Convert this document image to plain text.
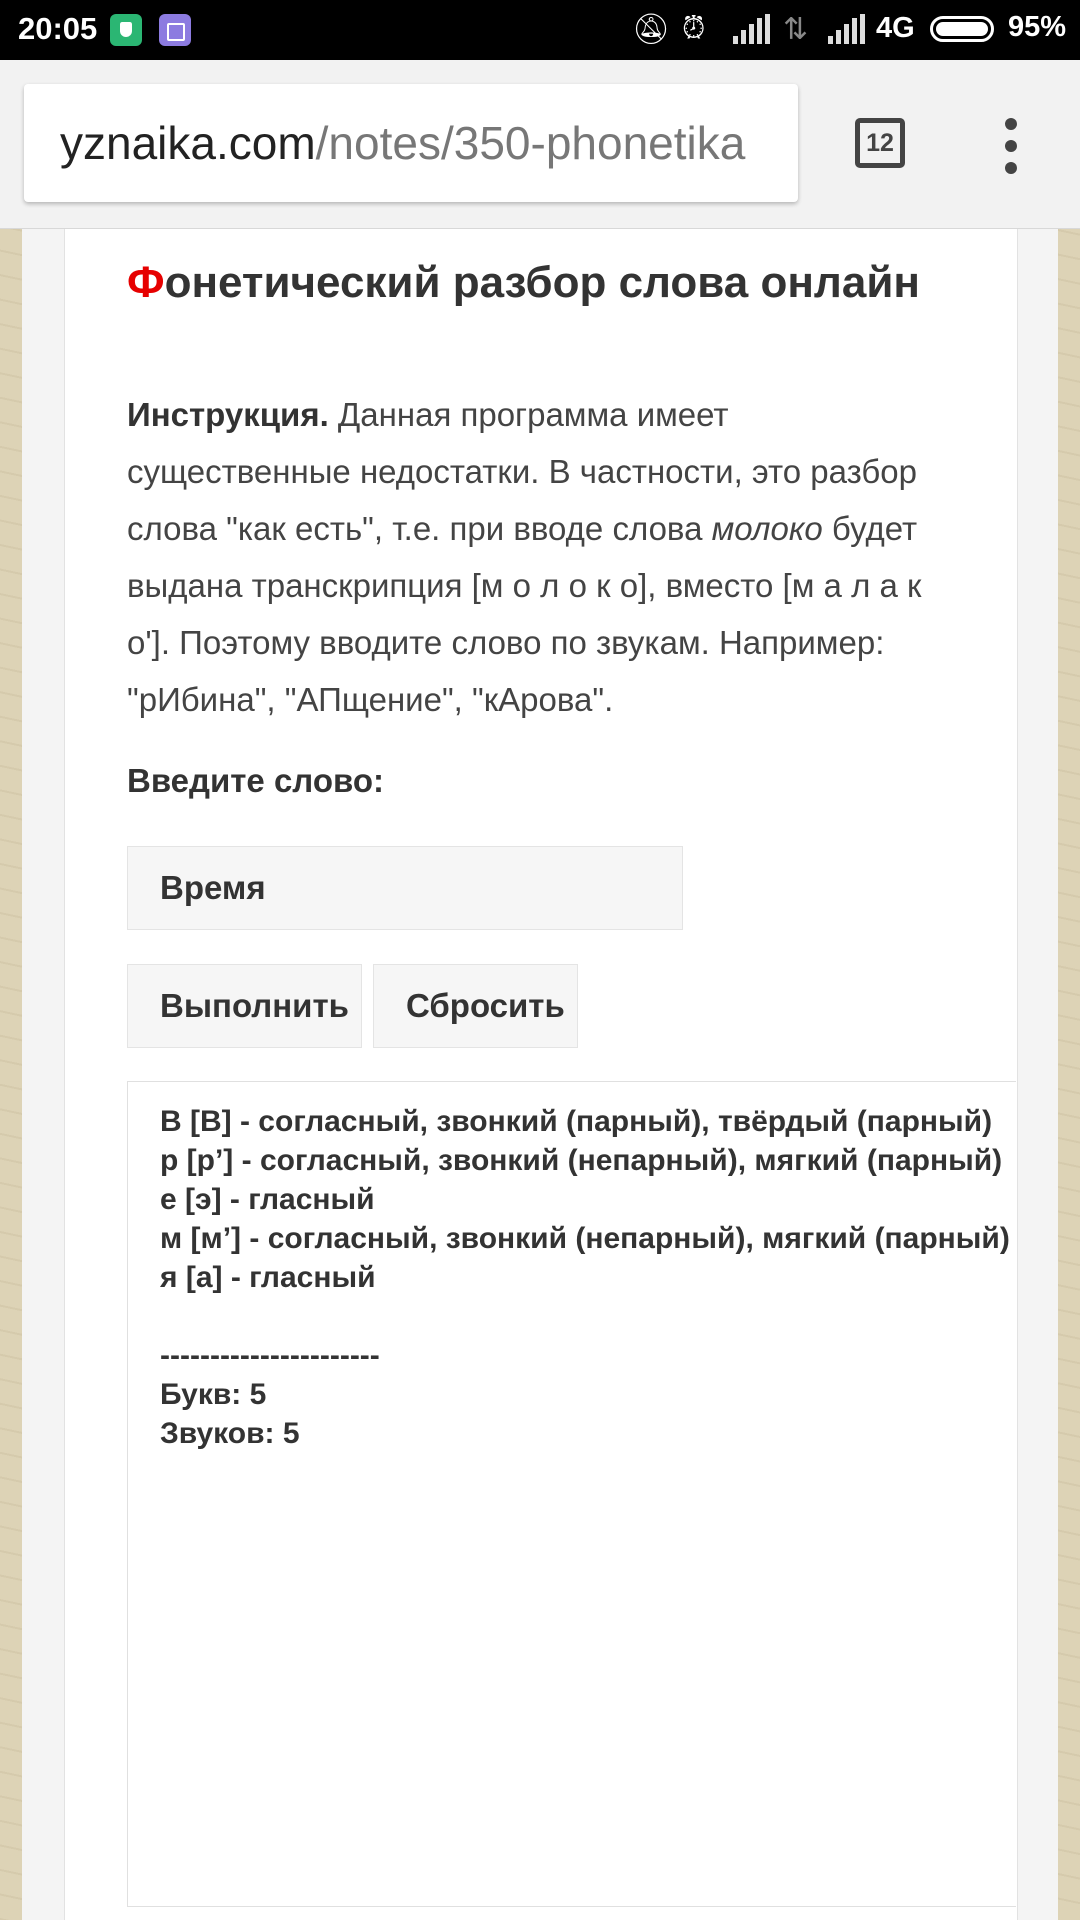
20:05	🔕︎ ⏰︎	⇅ 4G	95%
yznaika.com/notes/350-phonetika	12
Фонетический разбор слова онлайн

Инструкция. Данная программа имеет существенные недостатки. В частности, это разбор слова "как есть", т.е. при вводе слова молоко будет выдана транскрипция [м о л о к о], вместо [м а л а к о']. Поэтому вводите слово по звукам. Например: "рИбина", "АПщение", "кАрова".

Введите слово:
Время
Выполнить	Сбросить
В [В] - согласный, звонкий (парный), твёрдый (парный)
р [р’] - согласный, звонкий (непарный), мягкий (парный)
е [э] - гласный
м [м’] - согласный, звонкий (непарный), мягкий (парный)
я [а] - гласный
----------------------
Букв: 5
Звуков: 5
